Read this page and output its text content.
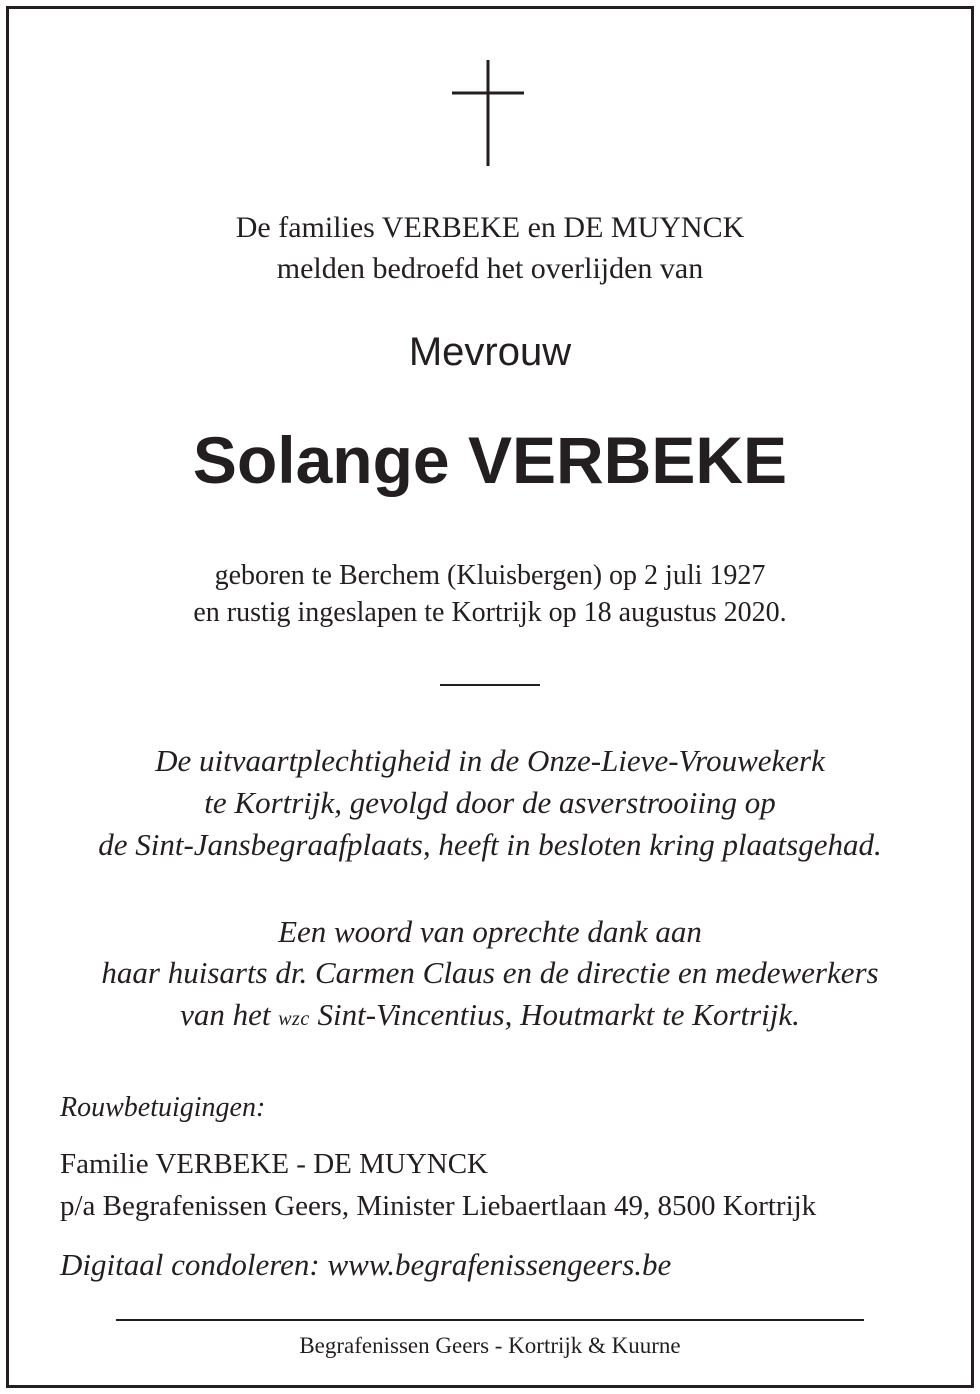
De families VERBEKE en DE MUYNCK
melden bedroefd het overlijden van
Mevrouw
Solange VERBEKE
geboren te Berchem (Kluisbergen) op 2 juli 1927
en rustig ingeslapen te Kortrijk op 18 augustus 2020.
De uitvaartplechtigheid in de Onze-Lieve-Vrouwekerk
te Kortrijk, gevolgd door de asverstrooiing op
de Sint-Jansbegraafplaats, heeft in besloten kring plaatsgehad.
Een woord van oprechte dank aan
haar huisarts dr. Carmen Claus en de directie en medewerkers
van het wzc Sint-Vincentius, Houtmarkt te Kortrijk.
Rouwbetuigingen:
Familie VERBEKE - DE MUYNCK
p/a Begrafenissen Geers, Minister Liebaertlaan 49, 8500 Kortrijk
Digitaal condoleren: www.begrafenissengeers.be
Begrafenissen Geers - Kortrijk & Kuurne
